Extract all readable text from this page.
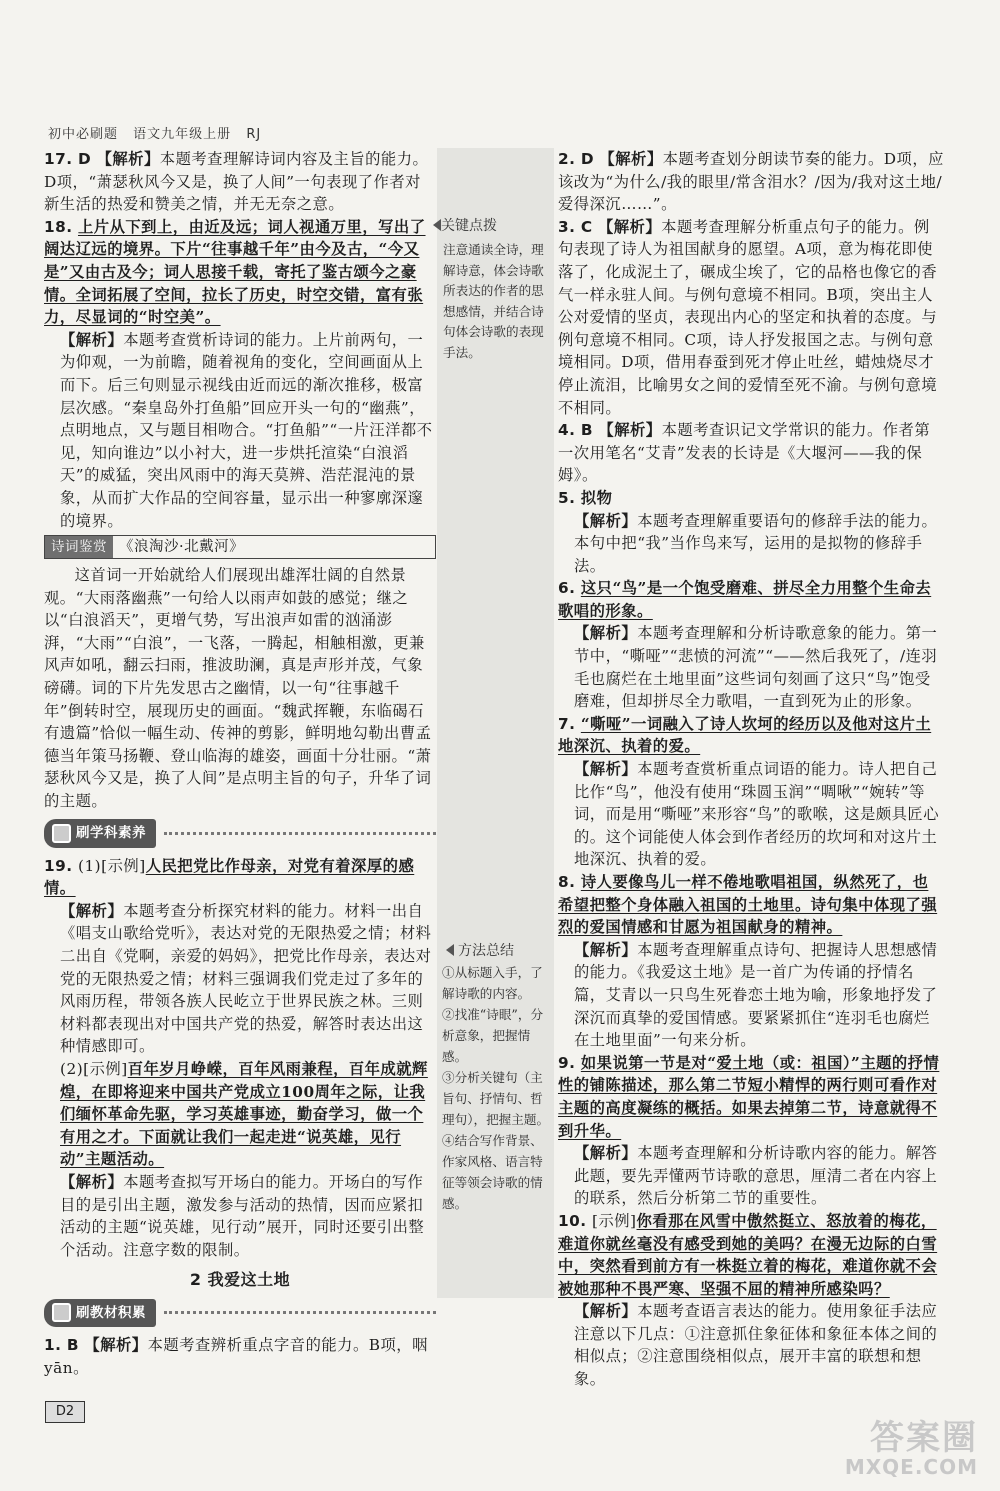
初中必刷题 语文九年级上册 RJ

17. D 【解析】本题考查理解诗词内容及主旨的能力。D项，“萧瑟秋风今又是，换了人间”一句表现了作者对新生活的热爱和赞美之情，并无无奈之意。

18. 上片从下到上，由近及远；词人视通万里，写出了阔达辽远的境界。下片“往事越千年”由今及古，“今又是”又由古及今；词人思接千载，寄托了鉴古颂今之豪情。全词拓展了空间，拉长了历史，时空交错，富有张力，尽显词的“时空美”。

【解析】本题考查赏析诗词的能力。上片前两句，一为仰观，一为前瞻，随着视角的变化，空间画面从上而下。后三句则显示视线由近而远的渐次推移，极富层次感。“秦皇岛外打鱼船”回应开头一句的“幽燕”，点明地点，又与题目相吻合。“打鱼船”“一片汪洋都不见，知向谁边”以小衬大，进一步烘托渲染“白浪滔天”的威猛，突出风雨中的海天莫辨、浩茫混沌的景象，从而扩大作品的空间容量，显示出一种寥廓深邃的境界。

诗词鉴赏 《浪淘沙·北戴河》

这首词一开始就给人们展现出雄浑壮阔的自然景观。“大雨落幽燕”一句给人以雨声如鼓的感觉；继之以“白浪滔天”，更增气势，写出浪声如雷的汹涌澎湃，“大雨”“白浪”，一飞落，一腾起，相触相激，更兼风声如吼，翻云扫雨，推波助澜，真是声形并茂，气象磅礴。词的下片先发思古之幽情，以一句“往事越千年”倒转时空，展现历史的画面。“魏武挥鞭，东临碣石有遗篇”恰似一幅生动、传神的剪影，鲜明地勾勒出曹孟德当年策马扬鞭、登山临海的雄姿，画面十分壮丽。“萧瑟秋风今又是，换了人间”是点明主旨的句子，升华了词的主题。

刷学科素养

19. (1)[示例]人民把党比作母亲，对党有着深厚的感情。

【解析】本题考查分析探究材料的能力。材料一出自《唱支山歌给党听》，表达对党的无限热爱之情；材料二出自《党啊，亲爱的妈妈》，把党比作母亲，表达对党的无限热爱之情；材料三强调我们党走过了多年的风雨历程，带领各族人民屹立于世界民族之林。三则材料都表现出对中国共产党的热爱，解答时表达出这种情感即可。

(2)[示例]百年岁月峥嵘，百年风雨兼程，百年成就辉煌，在即将迎来中国共产党成立100周年之际，让我们缅怀革命先驱，学习英雄事迹，勤奋学习，做一个有用之才。下面就让我们一起走进“说英雄，见行动”主题活动。

【解析】本题考查拟写开场白的能力。开场白的写作目的是引出主题，激发参与活动的热情，因而应紧扣活动的主题“说英雄，见行动”展开，同时还要引出整个活动。注意字数的限制。

2 我爱这土地
刷教材积累

1. B 【解析】本题考查辨析重点字音的能力。B项，咽 yān。

关键点拨
注意通读全诗，理解诗意，体会诗歌所表达的作者的思想感情，并结合诗句体会诗歌的表现手法。
方法总结
①从标题入手，了解诗歌的内容。
②找准“诗眼”，分析意象，把握情感。
③分析关键句（主旨句、抒情句、哲理句），把握主题。
④结合写作背景、作家风格、语言特征等领会诗歌的情感。

2. D 【解析】本题考查划分朗读节奏的能力。D项，应该改为“为什么/我的眼里/常含泪水？/因为/我对这土地/爱得深沉……”。

3. C 【解析】本题考查理解分析重点句子的能力。例句表现了诗人为祖国献身的愿望。A项，意为梅花即使落了，化成泥土了，碾成尘埃了，它的品格也像它的香气一样永驻人间。与例句意境不相同。B项，突出主人公对爱情的坚贞，表现出内心的坚定和执着的态度。与例句意境不相同。C项，诗人抒发报国之志。与例句意境相同。D项，借用春蚕到死才停止吐丝，蜡烛烧尽才停止流泪，比喻男女之间的爱情至死不渝。与例句意境不相同。

4. B 【解析】本题考查识记文学常识的能力。作者第一次用笔名“艾青”发表的长诗是《大堰河——我的保姆》。

5. 拟物

【解析】本题考查理解重要语句的修辞手法的能力。本句中把“我”当作鸟来写，运用的是拟物的修辞手法。

6. 这只“鸟”是一个饱受磨难、拼尽全力用整个生命去歌唱的形象。

【解析】本题考查理解和分析诗歌意象的能力。第一节中，“嘶哑”“悲愤的河流”“——然后我死了，/连羽毛也腐烂在土地里面”这些词句刻画了这只“鸟”饱受磨难，但却拼尽全力歌唱，一直到死为止的形象。

7. “嘶哑”一词融入了诗人坎坷的经历以及他对这片土地深沉、执着的爱。

【解析】本题考查赏析重点词语的能力。诗人把自己比作“鸟”，他没有使用“珠圆玉润”“啁啾”“婉转”等词，而是用“嘶哑”来形容“鸟”的歌喉，这是颇具匠心的。这个词能使人体会到作者经历的坎坷和对这片土地深沉、执着的爱。

8. 诗人要像鸟儿一样不倦地歌唱祖国，纵然死了，也希望把整个身体融入祖国的土地里。诗句集中体现了强烈的爱国情感和甘愿为祖国献身的精神。

【解析】本题考查理解重点诗句、把握诗人思想感情的能力。《我爱这土地》是一首广为传诵的抒情名篇，艾青以一只鸟生死眷恋土地为喻，形象地抒发了深沉而真挚的爱国情感。要紧紧抓住“连羽毛也腐烂在土地里面”一句来分析。

9. 如果说第一节是对“爱土地（或：祖国）”主题的抒情性的铺陈描述，那么第二节短小精悍的两行则可看作对主题的高度凝练的概括。如果去掉第二节，诗意就得不到升华。

【解析】本题考查理解和分析诗歌内容的能力。解答此题，要先弄懂两节诗歌的意思，厘清二者在内容上的联系，然后分析第二节的重要性。

10. [示例]你看那在风雪中傲然挺立、怒放着的梅花，难道你就丝毫没有感受到她的美吗？在漫无边际的白雪中，突然看到前方有一株挺立着的梅花，难道你就不会被她那种不畏严寒、坚强不屈的精神所感染吗？

【解析】本题考查语言表达的能力。使用象征手法应注意以下几点：①注意抓住象征体和象征本体之间的相似点；②注意围绕相似点，展开丰富的联想和想象。

D2
答案圈
MXQE.COM
